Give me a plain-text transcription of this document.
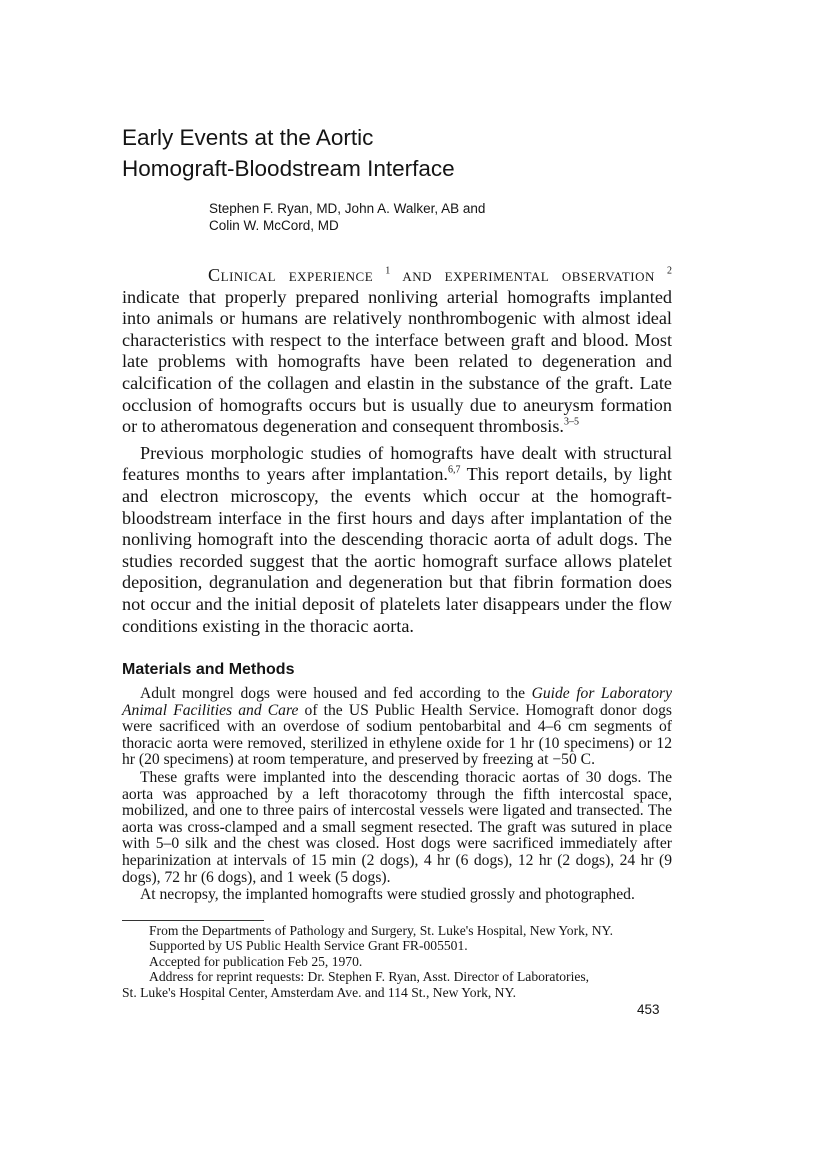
Early Events at the Aortic
Homograft-Bloodstream Interface
Stephen F. Ryan, MD, John A. Walker, AB and
Colin W. McCord, MD

Clinical experience $^1$ and experimental observation $^2$ indicate that properly prepared nonliving arterial homografts implanted into animals or humans are relatively nonthrombogenic with almost ideal characteristics with respect to the interface between graft and blood. Most late problems with homografts have been related to degeneration and calcification of the collagen and elastin in the substance of the graft. Late occlusion of homografts occurs but is usually due to aneurysm formation or to atheromatous degeneration and consequent thrombosis.$^{3-5}$

Previous morphologic studies of homografts have dealt with structural features months to years after implantation.$^{6,7}$ This report details, by light and electron microscopy, the events which occur at the homograft-bloodstream interface in the first hours and days after implantation of the nonliving homograft into the descending thoracic aorta of adult dogs. The studies recorded suggest that the aortic homograft surface allows platelet deposition, degranulation and degeneration but that fibrin formation does not occur and the initial deposit of platelets later disappears under the flow conditions existing in the thoracic aorta.

Materials and Methods

Adult mongrel dogs were housed and fed according to the Guide for Laboratory Animal Facilities and Care of the US Public Health Service. Homograft donor dogs were sacrificed with an overdose of sodium pentobarbital and 4–6 cm segments of thoracic aorta were removed, sterilized in ethylene oxide for 1 hr (10 specimens) or 12 hr (20 specimens) at room temperature, and preserved by freezing at −50 C.

These grafts were implanted into the descending thoracic aortas of 30 dogs. The aorta was approached by a left thoracotomy through the fifth intercostal space, mobilized, and one to three pairs of intercostal vessels were ligated and transected. The aorta was cross-clamped and a small segment resected. The graft was sutured in place with 5–0 silk and the chest was closed. Host dogs were sacrificed immediately after heparinization at intervals of 15 min (2 dogs), 4 hr (6 dogs), 12 hr (2 dogs), 24 hr (9 dogs), 72 hr (6 dogs), and 1 week (5 dogs).

At necropsy, the implanted homografts were studied grossly and photographed.

From the Departments of Pathology and Surgery, St. Luke's Hospital, New York, NY.

Supported by US Public Health Service Grant FR-005501.

Accepted for publication Feb 25, 1970.

Address for reprint requests: Dr. Stephen F. Ryan, Asst. Director of Laboratories,

St. Luke's Hospital Center, Amsterdam Ave. and 114 St., New York, NY.

453
